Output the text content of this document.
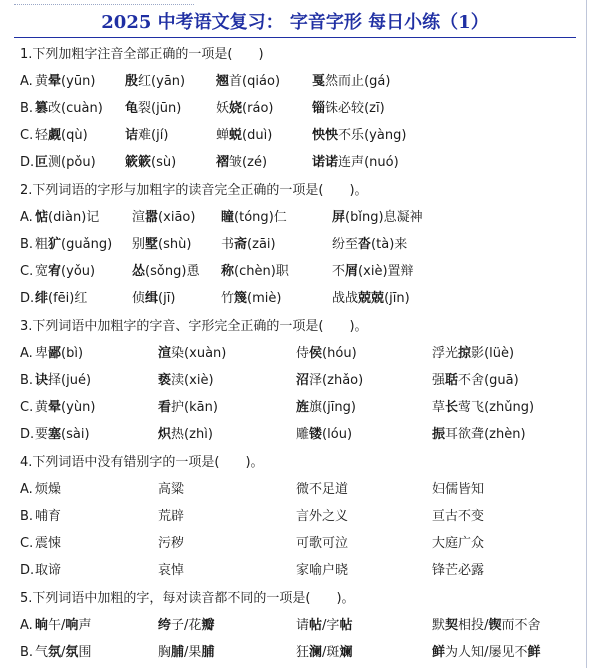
2025 中考语文复习： 字音字形 每日小练（1）
1.下列加粗字注音全部正确的一项是(　　)
A. 黄晕(yūn) 殷红(yān) 翘首(qiáo) 戛然而止(gá)
B. 篡改(cuàn) 龟裂(jūn)	妖娆(ráo)	锱铢必较(zī)
C. 轻觑(qù)	诘难(jí)	蝉蜕(duì)	怏怏不乐(yàng)
D. 叵测(pǒu) 簌簌(sù)	褶皱(zé)	诺诺连声(nuó)
2.下列词语的字形与加粗字的读音完全正确的一项是(　　)。
A. 惦(diàn)记	渲嚣(xiāo) 瞳(tóng)仁	屏(bǐng)息凝神
B. 粗犷(guǎng) 别墅(shù) 书斋(zāi)	纷至沓(tà)来
C. 宽宥(yǒu)	怂(sǒng)恿 称(chèn)职	不屑(xiè)置辩
D. 绯(fēi)红	侦缉(jī)	竹篾(miè)	战战兢兢(jīn)
3.下列词语中加粗字的字音、字形完全正确的一项是(　　)。
A. 卑鄙(bì)	渲染(xuàn)	侍侯(hóu)	浮光掠影(lüè)
B. 诀择(jué)	亵渎(xiè)	沼泽(zhǎo)	强聒不舍(guā)
C. 黄晕(yùn)	看护(kān)	旌旗(jīng)	草长莺飞(zhǔng)
D. 要塞(sài)	炽热(zhì)	雕镂(lóu)	振耳欲聋(zhèn)
4.下列词语中没有错别字的一项是(　　)。
A. 烦燥	高粱	微不足道	妇儒皆知
B. 哺育	荒辟	言外之义	亘古不变
C. 震悚	污秽	可歌可泣	大庭广众
D. 取谛	哀悼	家喻户晓	锋芒必露
5.下列词语中加粗的字，每对读音都不同的一项是(　　)。
A. 晌午/响声	绔子/花瓣	请帖/字帖	默契相投/锲而不舍
B. 气氛/氛围	胸脯/果脯	狂澜/斑斓	鲜为人知/屡见不鲜
